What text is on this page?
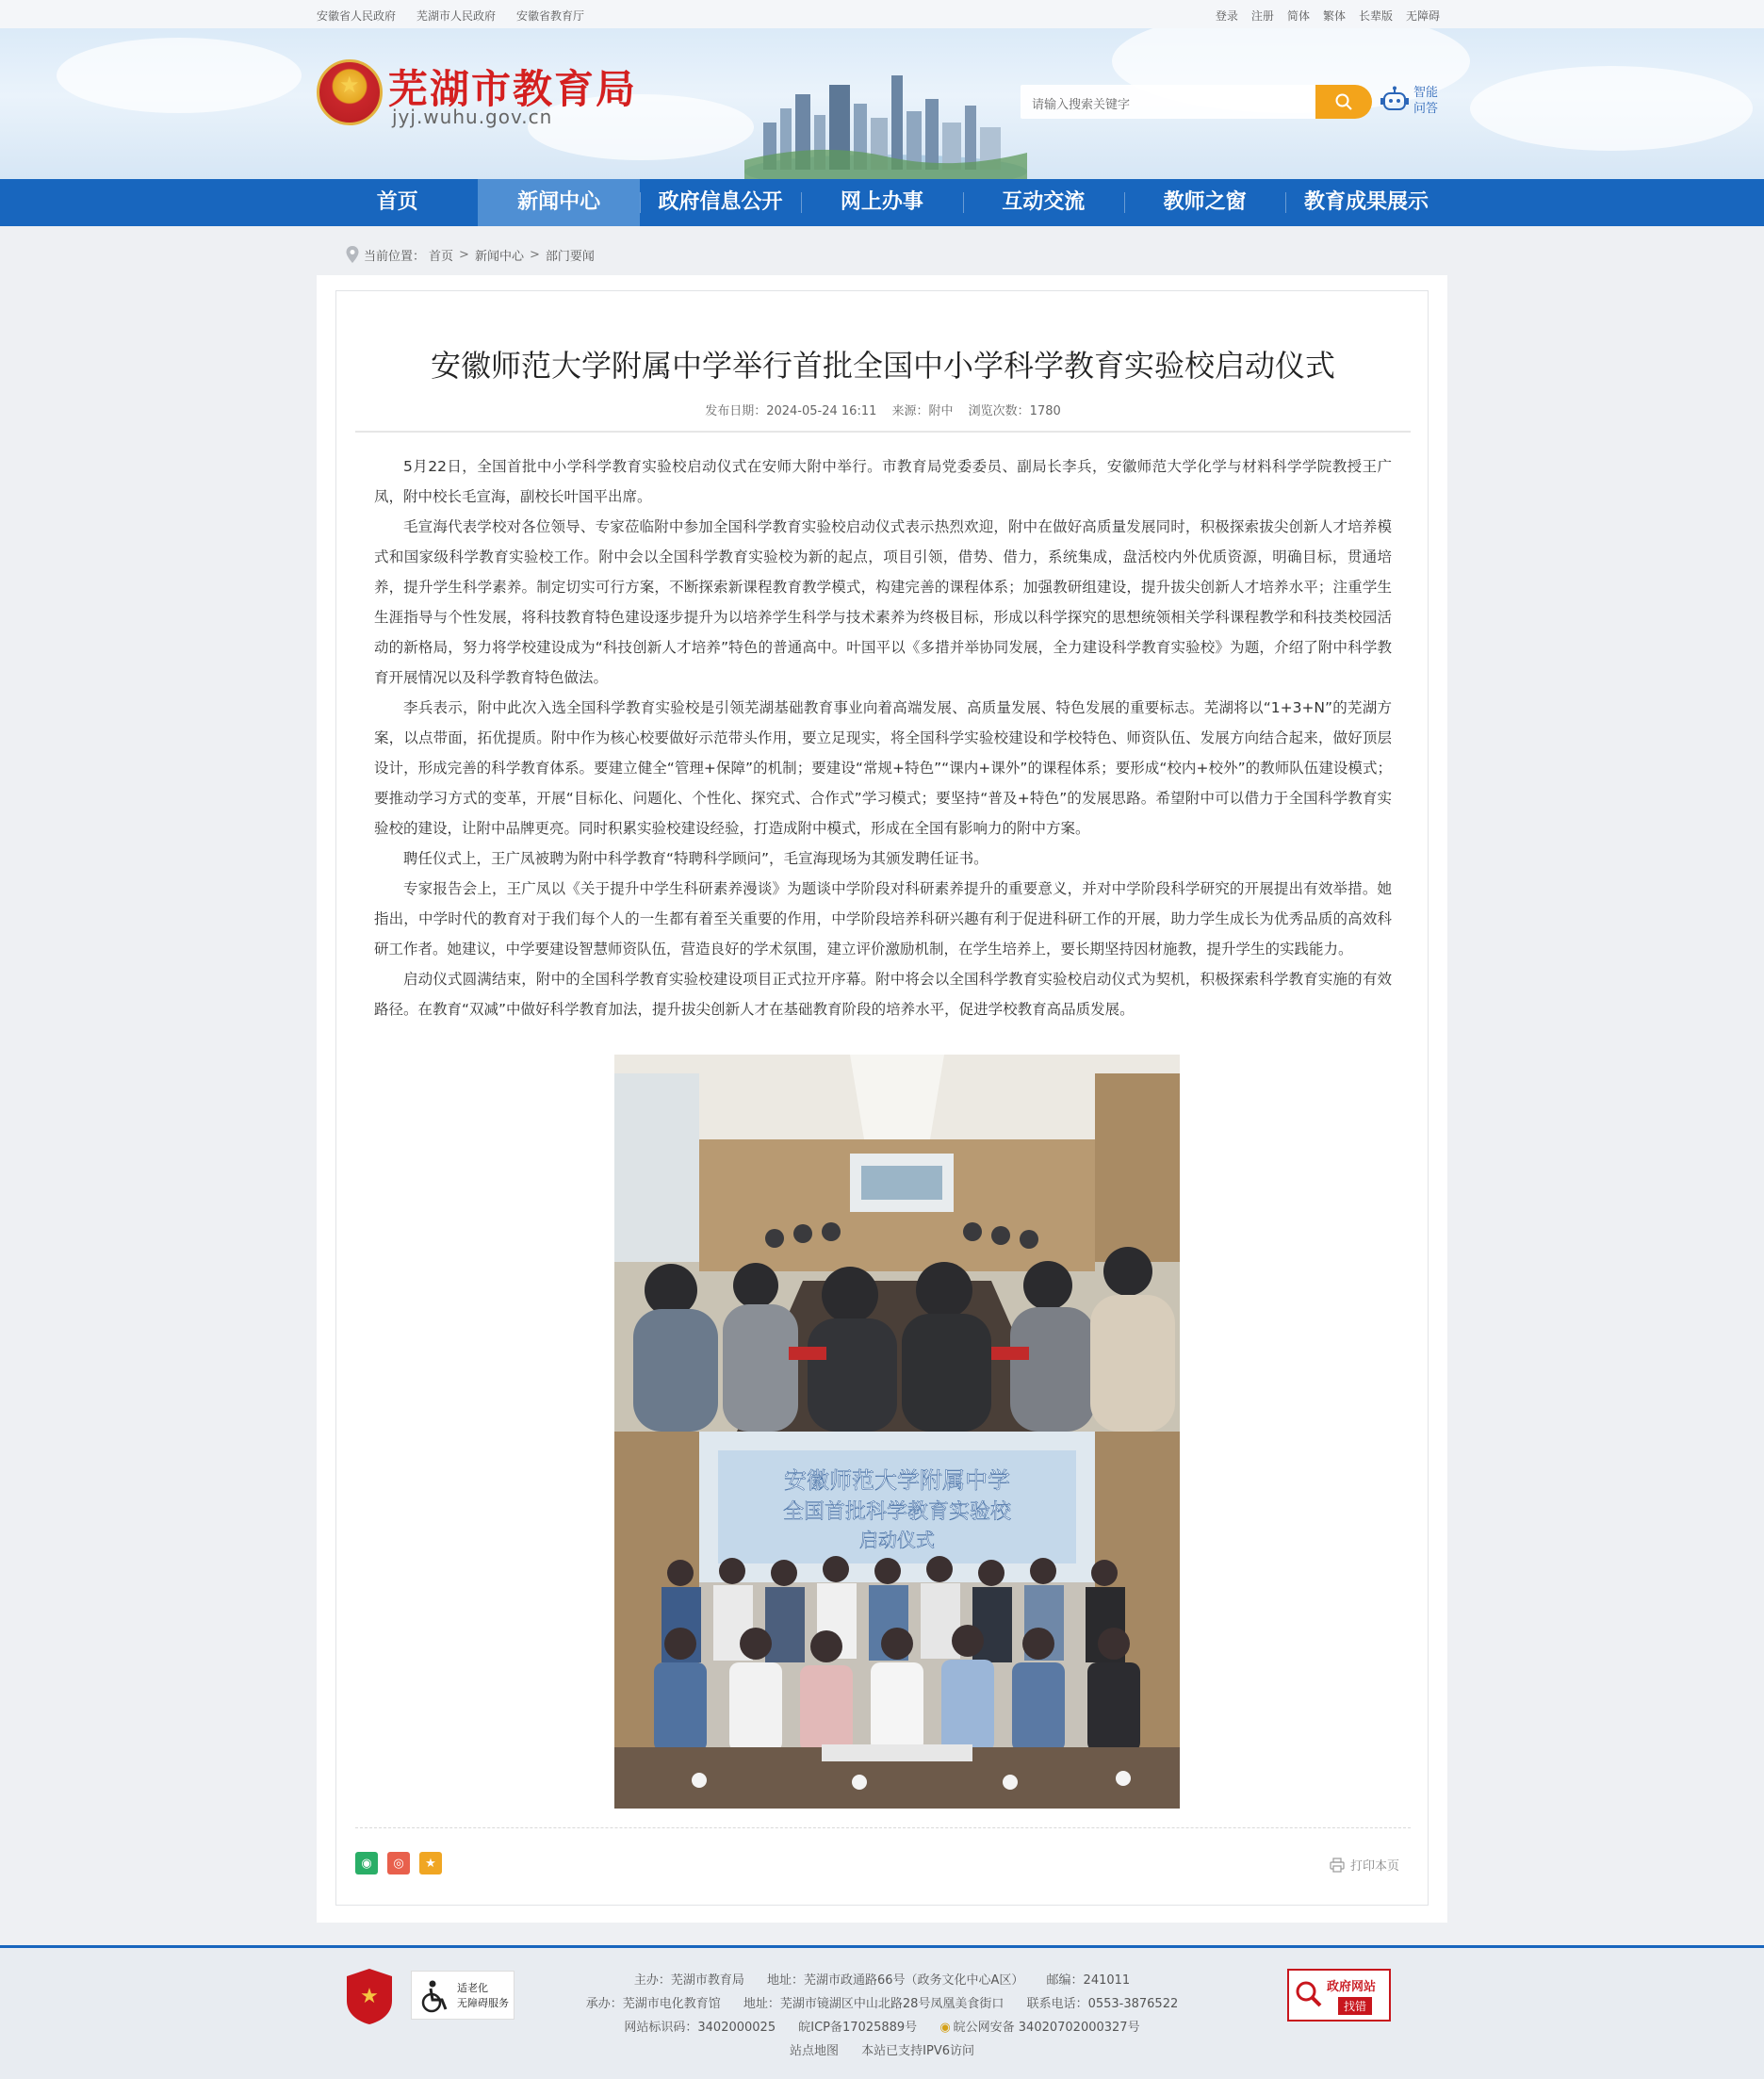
安徽省人民政府 芜湖市人民政府 安徽省教育厅	登录 注册 简体 繁体 长辈版 无障碍
★
芜湖市教育局
jyj.wuhu.gov.cn
请输入搜索关键字
智能问答
首页	新闻中心	政府信息公开	网上办事	互动交流	教师之窗	教育成果展示
当前位置： 首页 > 新闻中心 > 部门要闻
安徽师范大学附属中学举行首批全国中小学科学教育实验校启动仪式
发布日期：2024-05-24 16:11 来源：附中 浏览次数：1780

5月22日，全国首批中小学科学教育实验校启动仪式在安师大附中举行。市教育局党委委员、副局长李兵，安徽师范大学化学与材料科学学院教授王广凤，附中校长毛宣海，副校长叶国平出席。

毛宣海代表学校对各位领导、专家莅临附中参加全国科学教育实验校启动仪式表示热烈欢迎，附中在做好高质量发展同时，积极探索拔尖创新人才培养模式和国家级科学教育实验校工作。附中会以全国科学教育实验校为新的起点，项目引领，借势、借力，系统集成，盘活校内外优质资源，明确目标，贯通培养，提升学生科学素养。制定切实可行方案，不断探索新课程教育教学模式，构建完善的课程体系；加强教研组建设，提升拔尖创新人才培养水平；注重学生生涯指导与个性发展，将科技教育特色建设逐步提升为以培养学生科学与技术素养为终极目标，形成以科学探究的思想统领相关学科课程教学和科技类校园活动的新格局，努力将学校建设成为“科技创新人才培养”特色的普通高中。叶国平以《多措并举协同发展，全力建设科学教育实验校》为题，介绍了附中科学教育开展情况以及科学教育特色做法。

李兵表示，附中此次入选全国科学教育实验校是引领芜湖基础教育事业向着高端发展、高质量发展、特色发展的重要标志。芜湖将以“1+3+N”的芜湖方案，以点带面，拓优提质。附中作为核心校要做好示范带头作用，要立足现实，将全国科学实验校建设和学校特色、师资队伍、发展方向结合起来，做好顶层设计，形成完善的科学教育体系。要建立健全“管理+保障”的机制；要建设“常规+特色”“课内+课外”的课程体系；要形成“校内+校外”的教师队伍建设模式；要推动学习方式的变革，开展“目标化、问题化、个性化、探究式、合作式”学习模式；要坚持“普及+特色”的发展思路。希望附中可以借力于全国科学教育实验校的建设，让附中品牌更亮。同时积累实验校建设经验，打造成附中模式，形成在全国有影响力的附中方案。

聘任仪式上，王广凤被聘为附中科学教育“特聘科学顾问”，毛宣海现场为其颁发聘任证书。

专家报告会上，王广凤以《关于提升中学生科研素养漫谈》为题谈中学阶段对科研素养提升的重要意义，并对中学阶段科学研究的开展提出有效举措。她指出，中学时代的教育对于我们每个人的一生都有着至关重要的作用，中学阶段培养科研兴趣有利于促进科研工作的开展，助力学生成长为优秀品质的高效科研工作者。她建议，中学要建设智慧师资队伍，营造良好的学术氛围，建立评价激励机制，在学生培养上，要长期坚持因材施教，提升学生的实践能力。

启动仪式圆满结束，附中的全国科学教育实验校建设项目正式拉开序幕。附中将会以全国科学教育实验校启动仪式为契机，积极探索科学教育实施的有效路径。在教育“双减”中做好科学教育加法，提升拔尖创新人才在基础教育阶段的培养水平，促进学校教育高品质发展。

安徽师范大学附属中学
全国首批科学教育实验校
启动仪式
◉	◎	★	打印本页
★	适老化
无障碍服务
主办：芜湖市教育局 地址：芜湖市政通路66号（政务文化中心A区） 邮编：241011
承办：芜湖市电化教育馆 地址：芜湖市镜湖区中山北路28号凤凰美食街口 联系电话：0553-3876522
网站标识码：3402000025 皖ICP备17025889号 ◉ 皖公网安备 34020702000327号
站点地图 本站已支持IPV6访问
政府网站
找错
